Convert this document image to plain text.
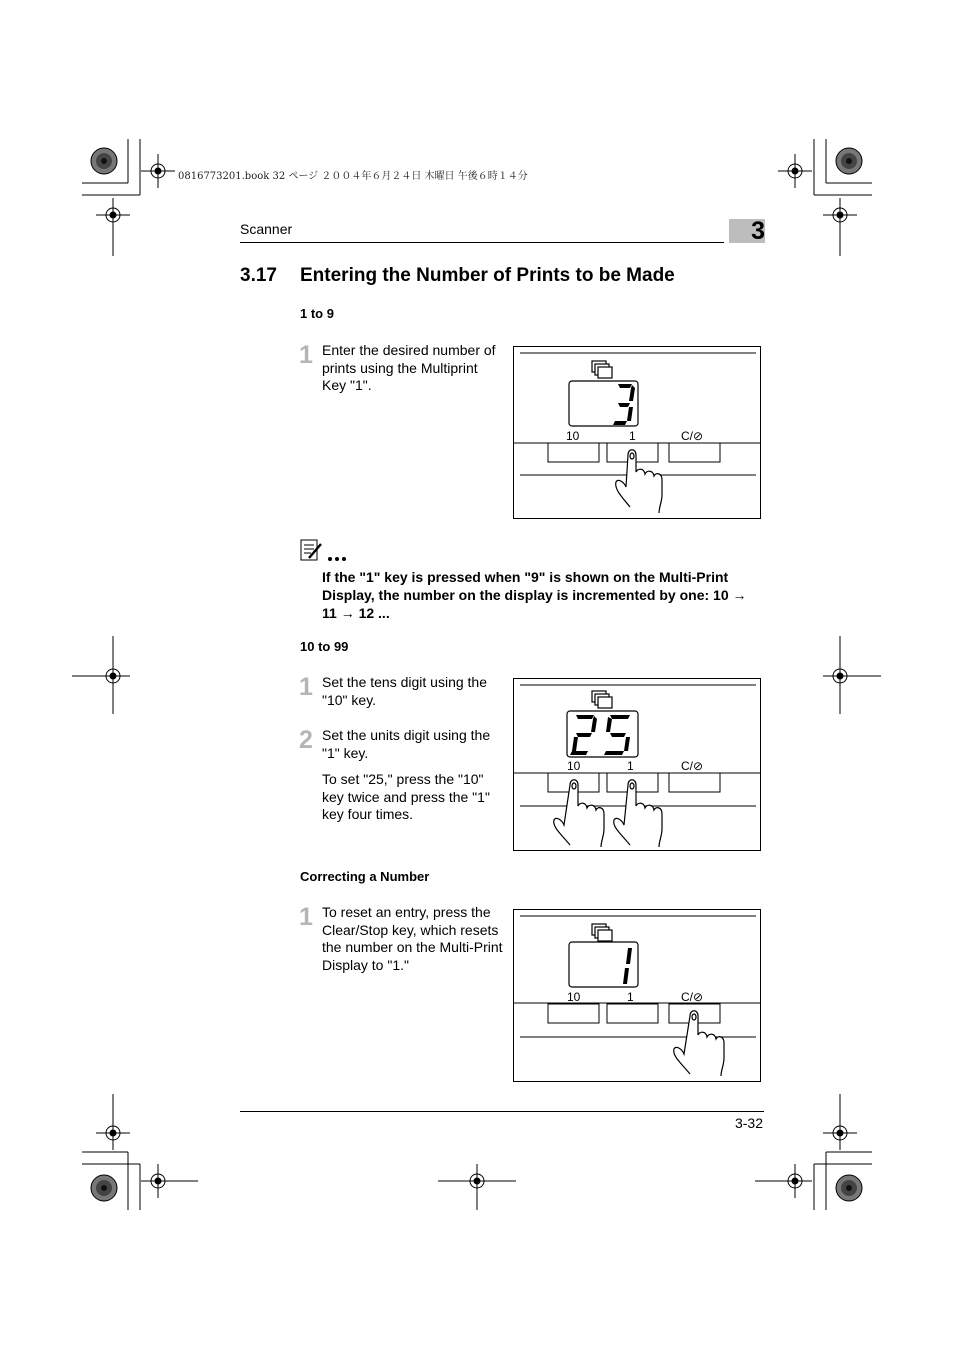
0816773201.book 32 ページ ２００４年６月２４日 木曜日 午後６時１４分
Scanner	3
3.17 Entering the Number of Prints to be Made
1 to 9
1 Enter the desired number of prints using the Multiprint Key "1".
10	1	C/⊘
If the "1" key is pressed when "9" is shown on the Multi-Print Display, the number on the display is incremented by one: 10 → 11 → 12 ...
10 to 99
1 Set the tens digit using the "10" key.
2 Set the units digit using the "1" key.
To set "25," press the "10" key twice and press the "1" key four times.
10	1	C/⊘
Correcting a Number
1 To reset an entry, press the Clear/Stop key, which resets the number on the Multi-Print Display to "1."
10	1	C/⊘
3-32
